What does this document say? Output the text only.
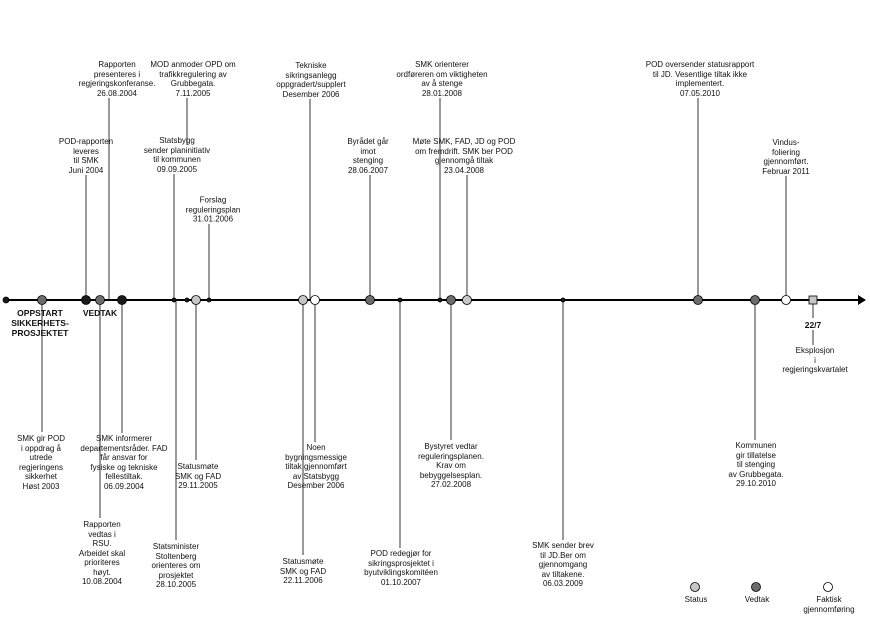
POD-rapporten
leveres
til SMK
Juni 2004
Rapporten
presenteres i
regjeringskonferanse.
26.08.2004
Statsbygg
sender planinitiativ
til kommunen
09.09.2005
MOD anmoder OPD om
trafikkregulering av
Grubbegata.
7.11.2005
Forslag
reguleringsplan
31.01.2006
Tekniske
sikringsanlegg
oppgradert/supplert
Desember 2006
Byrådet går
imot
stenging
28.06.2007
SMK orienterer
ordføreren om viktigheten
av å stenge
28.01.2008
Møte SMK, FAD, JD og POD
om fremdrift. SMK ber POD
gjennomgå tiltak
23.04.2008
POD oversender statusrapport
til JD. Vesentlige tiltak ikke
implementert.
07.05.2010
Vindus-
foliering
gjennomført.
Februar 2011
OPPSTART
SIKKERHETS-
PROSJEKTET
VEDTAK
SMK gir POD
i oppdrag å
utrede
regjeringens
sikkerhet
Høst 2003
SMK informerer
departementsråder. FAD
får ansvar for
fysiske og tekniske
fellestiltak.
06.09.2004
Rapporten
vedtas i
RSU.
Arbeidet skal
prioriteres
høyt.
10.08.2004
Statusmøte
SMK og FAD
29.11.2005
Statsminister
Stoltenberg
orienteres om
prosjektet
28.10.2005
Noen
bygningsmessige
tiltak gjennomført
av Statsbygg
Desember 2006
Statusmøte
SMK og FAD
22.11.2006
POD redegjør for
sikringsprosjektet i
byutviklingskomitéen
01.10.2007
Bystyret vedtar
reguleringsplanen.
Krav om
bebyggelsesplan.
27.02.2008
SMK sender brev
til JD.Ber om
gjennomgang
av tiltakene.
06.03.2009
Kommunen
gir tillatelse
til stenging
av Grubbegata.
29.10.2010
22/7
Eksplosjon
i
regjeringskvartalet
Status	Vedtak	Faktisk
gjennomføring
